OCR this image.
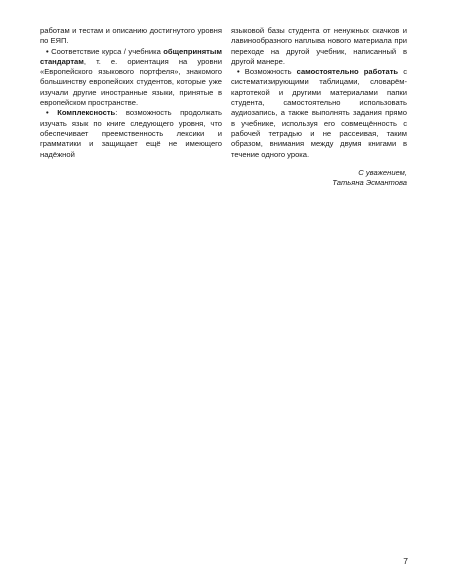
работам и тестам и описанию достигнутого уровня по ЕЯП.

• Соответствие курса / учебника общепринятым стандартам, т. е. ориентация на уровни «Европейского языкового портфеля», знакомого большинству европейских студентов, которые уже изучали другие иностранные языки, принятые в европейском пространстве.

• Комплексность: возможность продолжать изучать язык по книге следующего уровня, что обеспечивает преемственность лексики и грамматики и защищает ещё не имеющего надёжной

языковой базы студента от ненужных скачков и лавинообразного наплыва нового материала при переходе на другой учебник, написанный в другой манере.

• Возможность самостоятельно работать с систематизирующими таблицами, словарём-картотекой и другими материалами папки студента, самостоятельно использовать аудиозапись, а также выполнять задания прямо в учебнике, используя его совмещённость с рабочей тетрадью и не рассеивая, таким образом, внимания между двумя книгами в течение одного урока.

С уважением,
Татьяна Эсмантова
7
